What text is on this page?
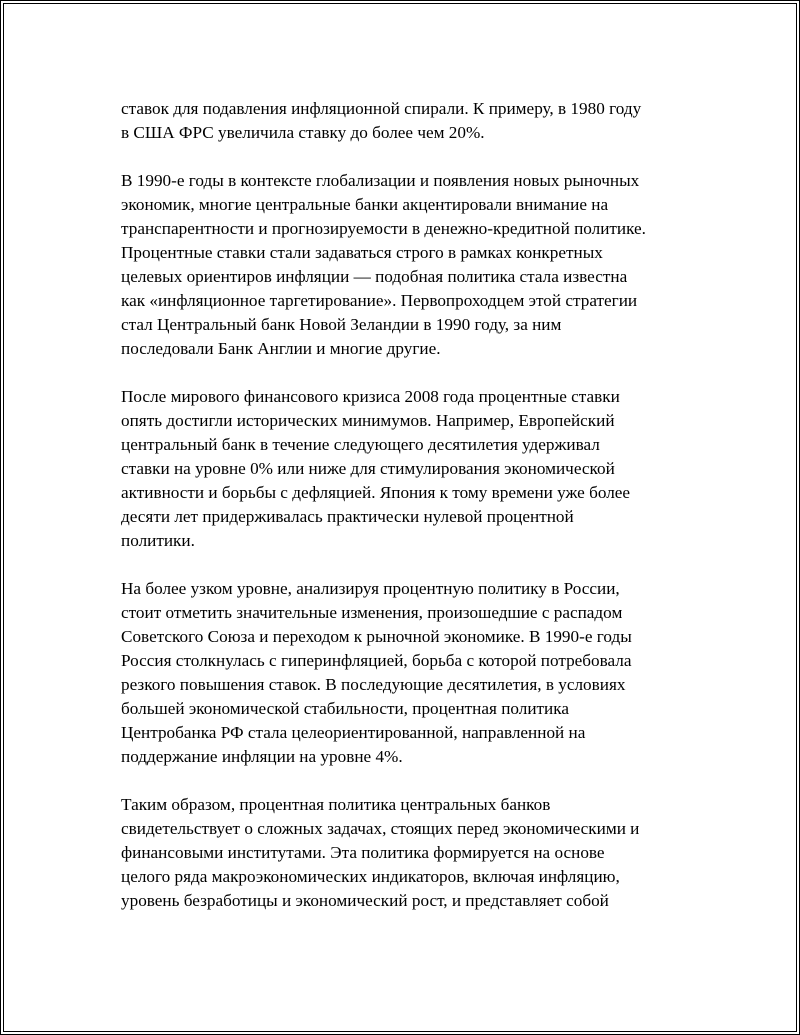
ставок для подавления инфляционной спирали. К примеру, в 1980 году
в США ФРС увеличила ставку до более чем 20%.

В 1990-е годы в контексте глобализации и появления новых рыночных
экономик, многие центральные банки акцентировали внимание на
транспарентности и прогнозируемости в денежно-кредитной политике.
Процентные ставки стали задаваться строго в рамках конкретных
целевых ориентиров инфляции — подобная политика стала известна
как «инфляционное таргетирование». Первопроходцем этой стратегии
стал Центральный банк Новой Зеландии в 1990 году, за ним
последовали Банк Англии и многие другие.

После мирового финансового кризиса 2008 года процентные ставки
опять достигли исторических минимумов. Например, Европейский
центральный банк в течение следующего десятилетия удерживал
ставки на уровне 0% или ниже для стимулирования экономической
активности и борьбы с дефляцией. Япония к тому времени уже более
десяти лет придерживалась практически нулевой процентной
политики.

На более узком уровне, анализируя процентную политику в России,
стоит отметить значительные изменения, произошедшие с распадом
Советского Союза и переходом к рыночной экономике. В 1990-е годы
Россия столкнулась с гиперинфляцией, борьба с которой потребовала
резкого повышения ставок. В последующие десятилетия, в условиях
большей экономической стабильности, процентная политика
Центробанка РФ стала целеориентированной, направленной на
поддержание инфляции на уровне 4%.

Таким образом, процентная политика центральных банков
свидетельствует о сложных задачах, стоящих перед экономическими и
финансовыми институтами. Эта политика формируется на основе
целого ряда макроэкономических индикаторов, включая инфляцию,
уровень безработицы и экономический рост, и представляет собой
